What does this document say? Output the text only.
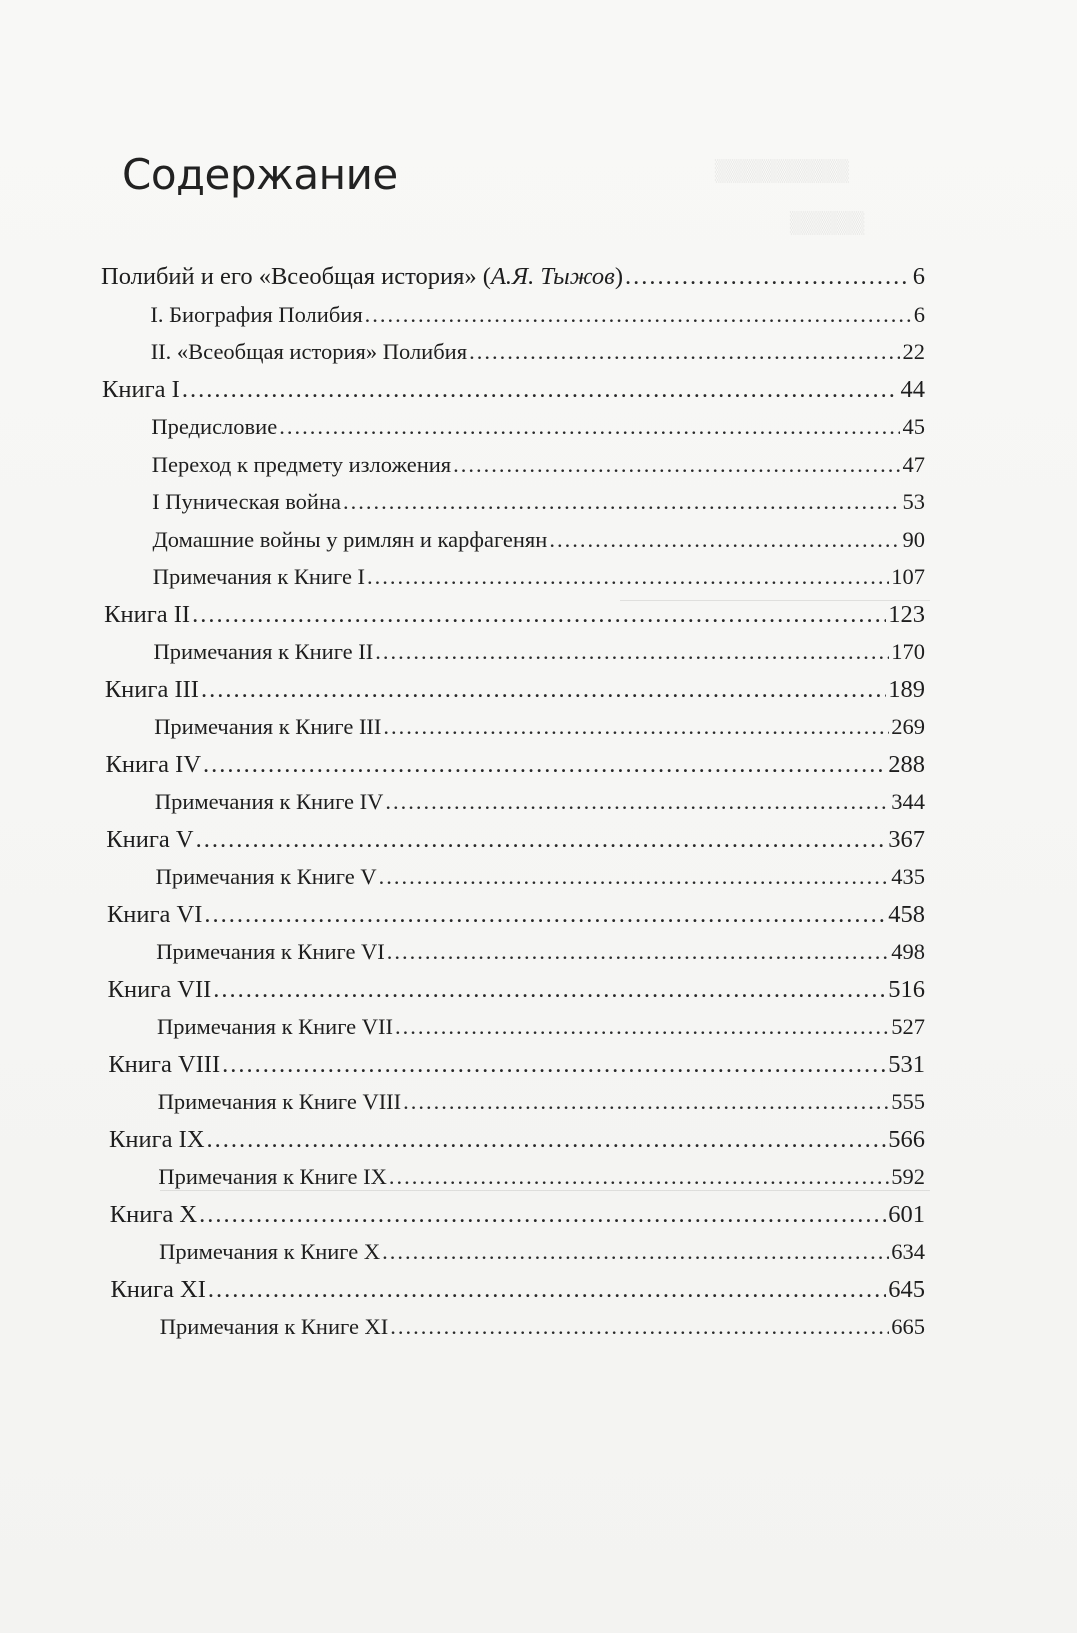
▒▒▒▒▒▒▒▒▒
▒▒▒▒▒
Содержание
Полибий и его «Всеобщая история» (А.Я. Тыжов) .....	6
I. Биография Полибия .....	6
II. «Всеобщая история» Полибия .....	22
Книга I .....	44
Предисловие .....	45
Переход к предмету изложения .....	47
I Пуническая война .....	53
Домашние войны у римлян и карфагенян .....	90
Примечания к Книге I .....	107
Книга II .....	123
Примечания к Книге II .....	170
Книга III .....	189
Примечания к Книге III .....	269
Книга IV .....	288
Примечания к Книге IV .....	344
Книга V .....	367
Примечания к Книге V .....	435
Книга VI .....	458
Примечания к Книге VI .....	498
Книга VII .....	516
Примечания к Книге VII .....	527
Книга VIII .....	531
Примечания к Книге VIII .....	555
Книга IX .....	566
Примечания к Книге IX .....	592
Книга X .....	601
Примечания к Книге X .....	634
Книга XI .....	645
Примечания к Книге XI .....	665
